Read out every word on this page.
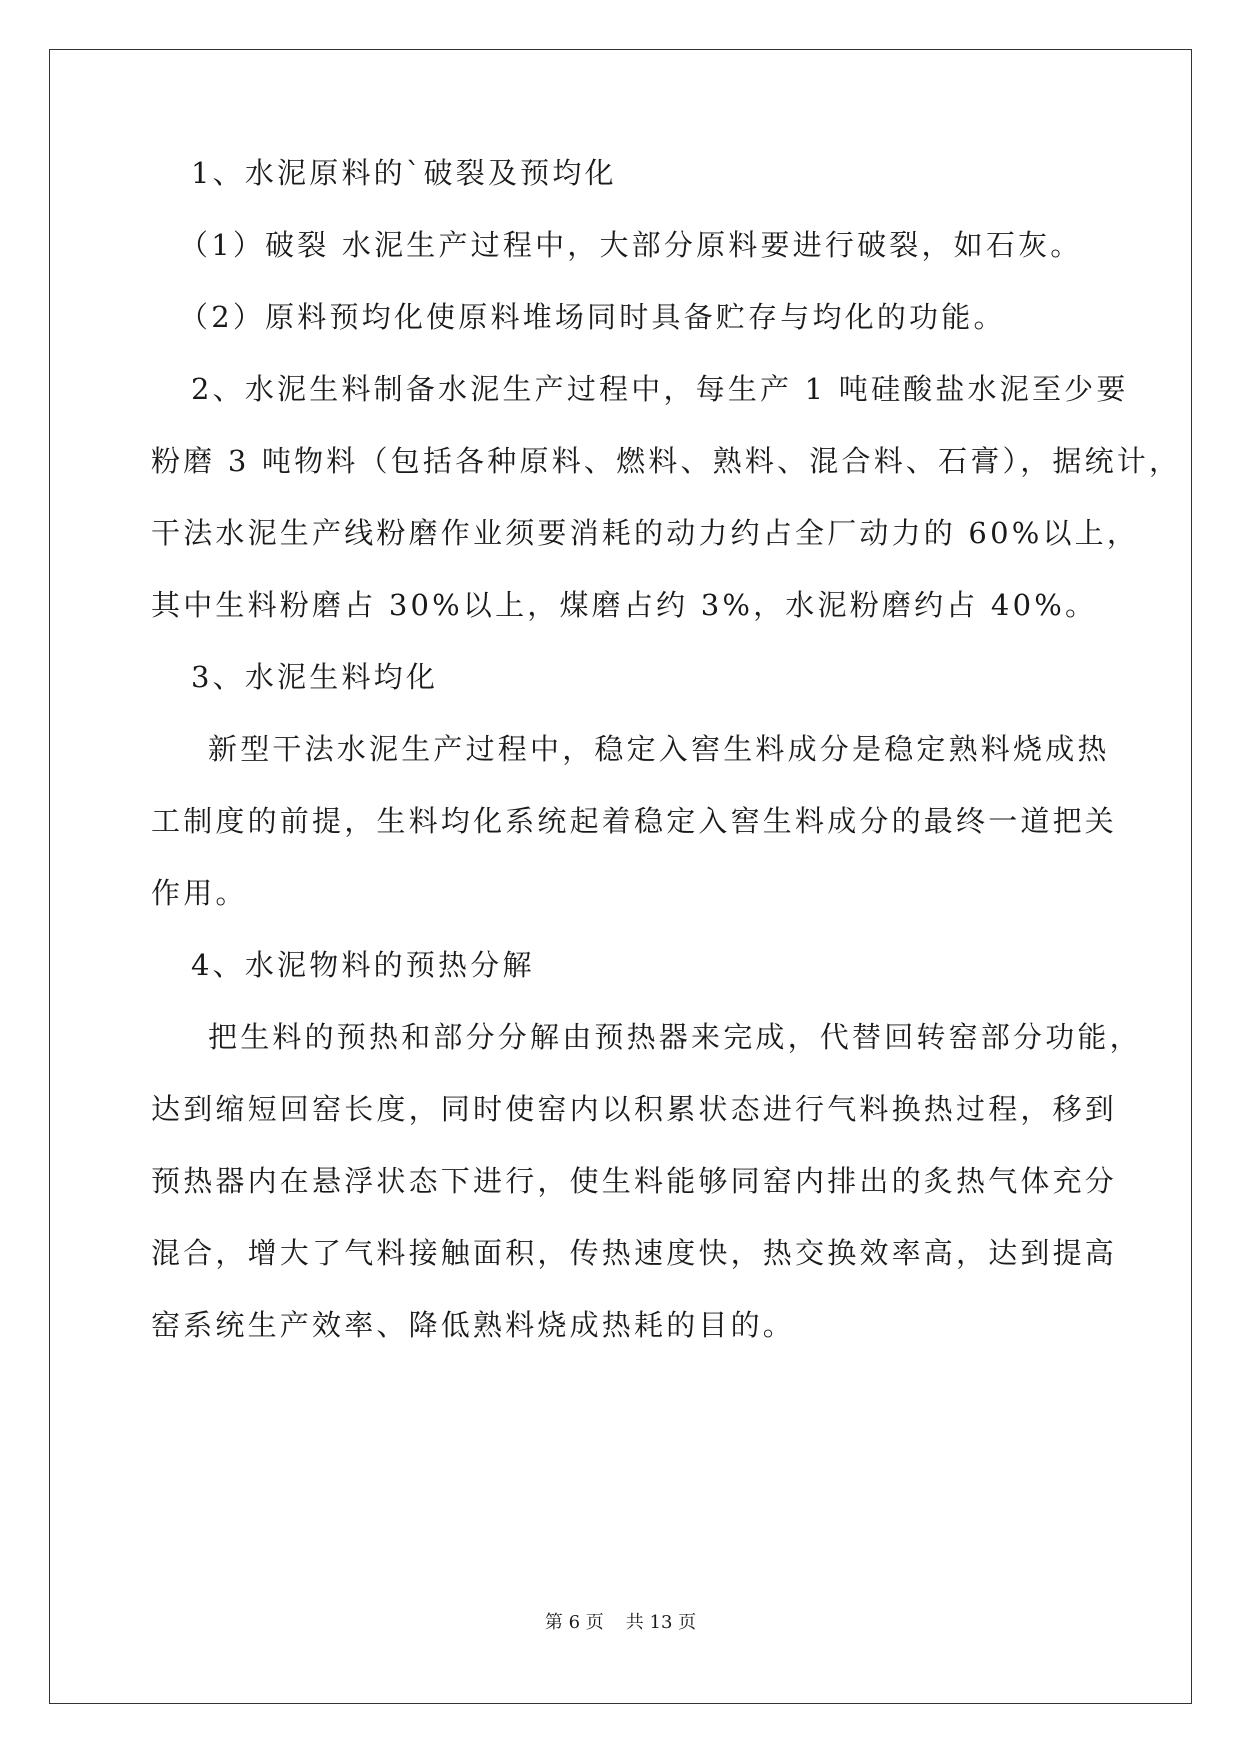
1、水泥原料的`破裂及预均化
（1）破裂 水泥生产过程中，大部分原料要进行破裂，如石灰。
（2）原料预均化使原料堆场同时具备贮存与均化的功能。
2、水泥生料制备水泥生产过程中，每生产 1 吨硅酸盐水泥至少要
粉磨 3 吨物料（包括各种原料、燃料、熟料、混合料、石膏），据统计，
干法水泥生产线粉磨作业须要消耗的动力约占全厂动力的 60%以上，
其中生料粉磨占 30%以上，煤磨占约 3%，水泥粉磨约占 40%。
3、水泥生料均化
新型干法水泥生产过程中，稳定入窖生料成分是稳定熟料烧成热
工制度的前提，生料均化系统起着稳定入窖生料成分的最终一道把关
作用。
4、水泥物料的预热分解
把生料的预热和部分分解由预热器来完成，代替回转窑部分功能，
达到缩短回窑长度，同时使窑内以积累状态进行气料换热过程，移到
预热器内在悬浮状态下进行，使生料能够同窑内排出的炙热气体充分
混合，增大了气料接触面积，传热速度快，热交换效率高，达到提高
窑系统生产效率、降低熟料烧成热耗的目的。
第 6 页 共 13 页
